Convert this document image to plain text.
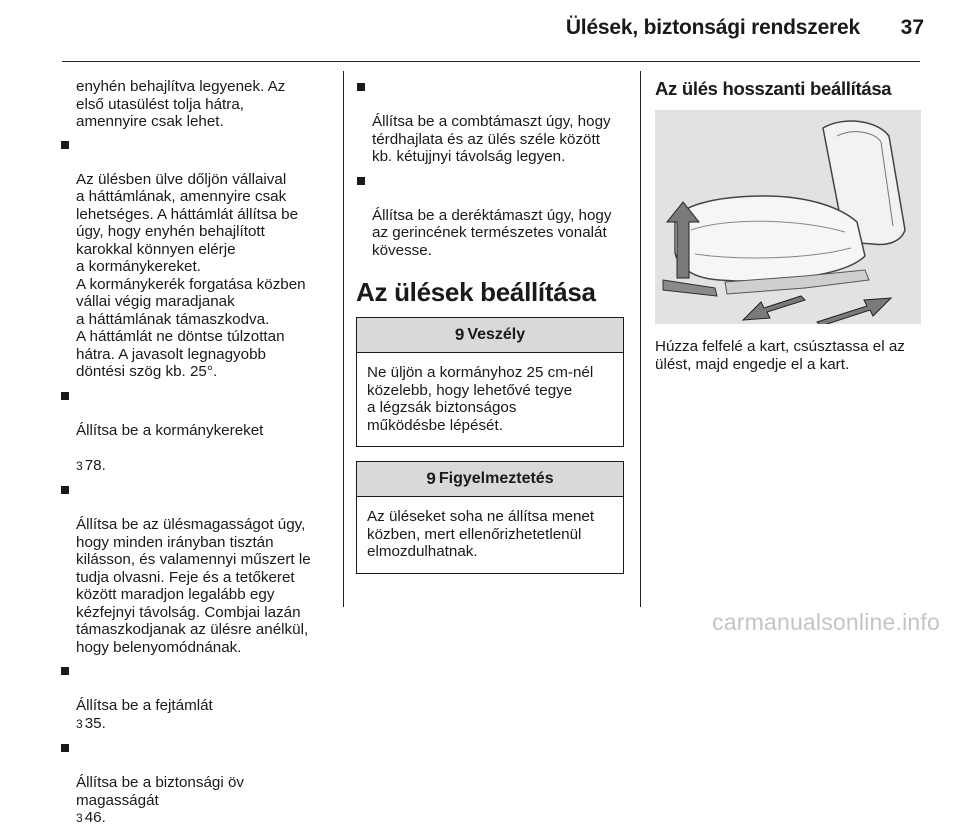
Ülések, biztonsági rendszerek 37

enyhén behajlítva legyenek. Az
első utasülést tolja hátra,
amennyire csak lehet.

Az ülésben ülve dőljön vállaival
a háttámlának, amennyire csak
lehetséges. A háttámlát állítsa be
úgy, hogy enyhén behajlított
karokkal könnyen elérje
a kormánykereket.
A kormánykerék forgatása közben
vállai végig maradjanak
a háttámlának támaszkodva.
A háttámlát ne döntse túlzottan
hátra. A javasolt legnagyobb
döntési szög kb. 25°.

Állítsa be a kormánykereket

3 78.

Állítsa be az ülésmagasságot úgy,
hogy minden irányban tisztán
kilásson, és valamennyi műszert le
tudja olvasni. Feje és a tetőkeret
között maradjon legalább egy
kézfejnyi távolság. Combjai lazán
támaszkodjanak az ülésre anélkül,
hogy belenyomódnának.

Állítsa be a fejtámlát
3 35.

Állítsa be a biztonsági öv
magasságát
3 46.

Állítsa be a combtámaszt úgy, hogy
térdhajlata és az ülés széle között
kb. kétujjnyi távolság legyen.

Állítsa be a deréktámaszt úgy, hogy
az gerincének természetes vonalát
kövesse.

Az ülések beállítása
9 Veszély
Ne üljön a kormányhoz 25 cm-nél
közelebb, hogy lehetővé tegye
a légzsák biztonságos
működésbe lépését.
9 Figyelmeztetés
Az üléseket soha ne állítsa menet
közben, mert ellenőrizhetetlenül
elmozdulhatnak.
Az ülés hosszanti beállítása
Húzza felfelé a kart, csúsztassa el az
ülést, majd engedje el a kart.
carmanualsonline.info
